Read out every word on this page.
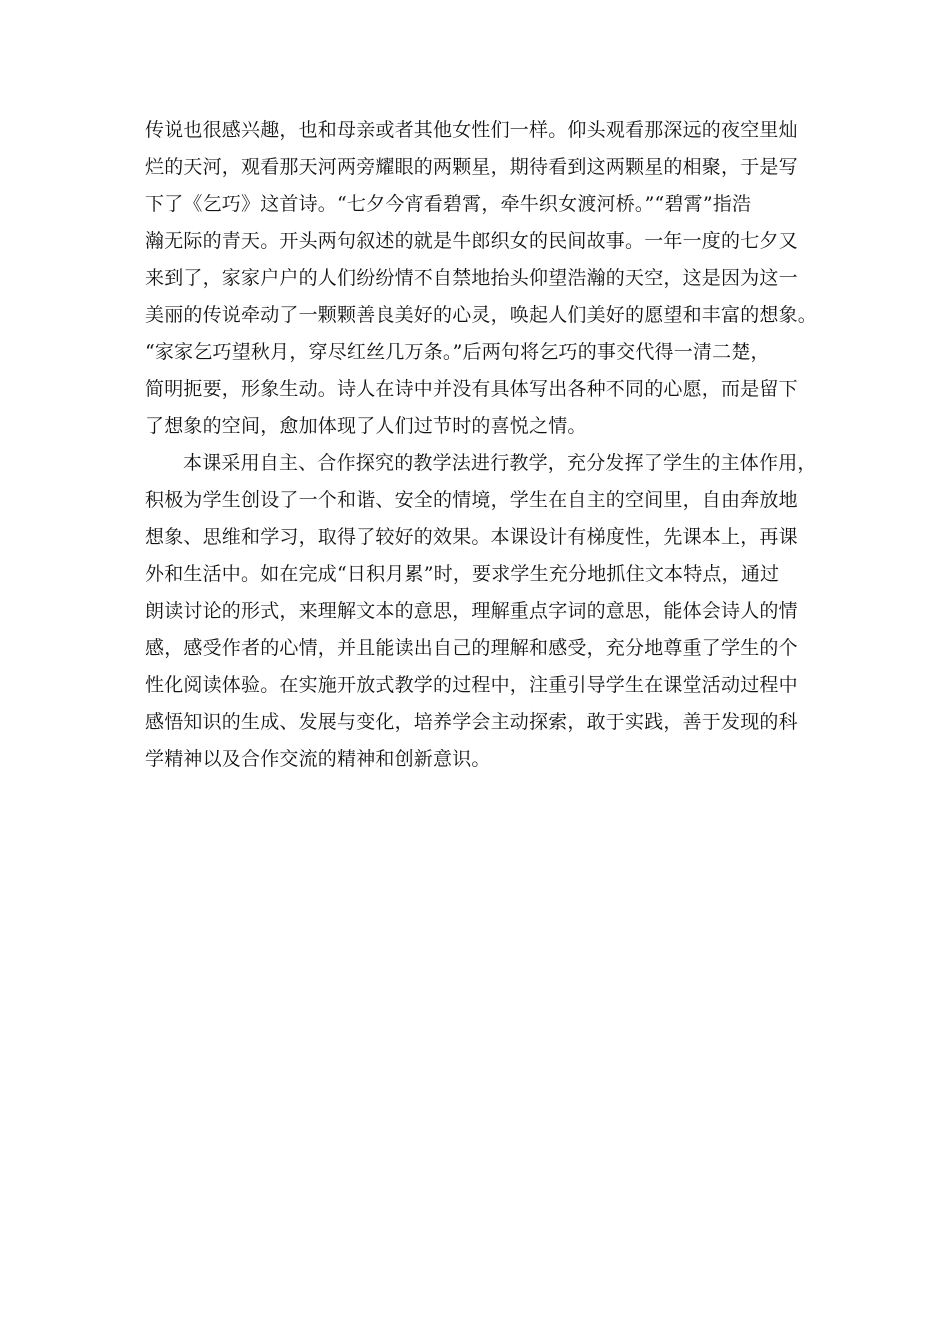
传说也很感兴趣，也和母亲或者其他女性们一样。仰头观看那深远的夜空里灿
烂的天河，观看那天河两旁耀眼的两颗星，期待看到这两颗星的相聚，于是写
下了《乞巧》这首诗。“七夕今宵看碧霄，牵牛织女渡河桥。”“碧霄”指浩
瀚无际的青天。开头两句叙述的就是牛郎织女的民间故事。一年一度的七夕又
来到了，家家户户的人们纷纷情不自禁地抬头仰望浩瀚的天空，这是因为这一
美丽的传说牵动了一颗颗善良美好的心灵，唤起人们美好的愿望和丰富的想象。
“家家乞巧望秋月，穿尽红丝几万条。”后两句将乞巧的事交代得一清二楚，
简明扼要，形象生动。诗人在诗中并没有具体写出各种不同的心愿，而是留下
了想象的空间，愈加体现了人们过节时的喜悦之情。
本课采用自主、合作探究的教学法进行教学，充分发挥了学生的主体作用，
积极为学生创设了一个和谐、安全的情境，学生在自主的空间里，自由奔放地
想象、思维和学习，取得了较好的效果。本课设计有梯度性，先课本上，再课
外和生活中。如在完成“日积月累”时，要求学生充分地抓住文本特点，通过
朗读讨论的形式，来理解文本的意思，理解重点字词的意思，能体会诗人的情
感，感受作者的心情，并且能读出自己的理解和感受，充分地尊重了学生的个
性化阅读体验。在实施开放式教学的过程中，注重引导学生在课堂活动过程中
感悟知识的生成、发展与变化，培养学会主动探索，敢于实践，善于发现的科
学精神以及合作交流的精神和创新意识。
